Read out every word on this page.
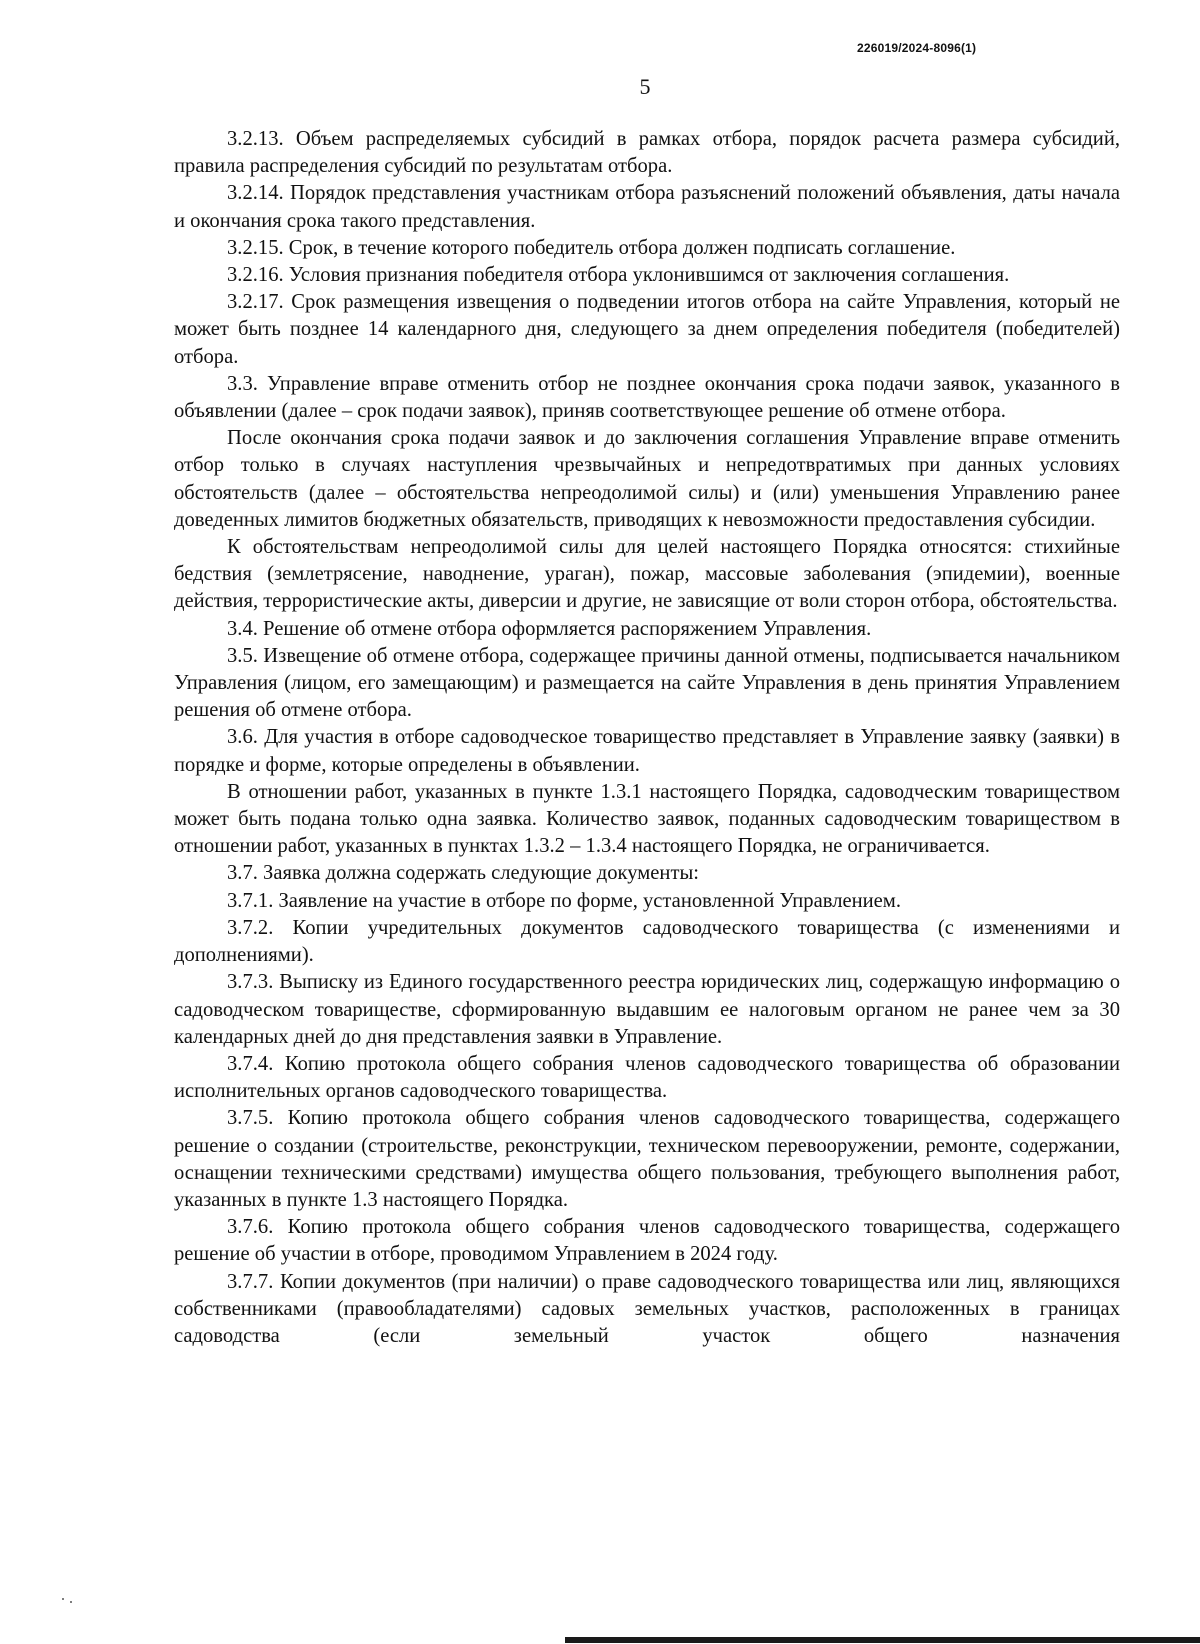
226019/2024-8096(1)
5

3.2.13. Объем распределяемых субсидий в рамках отбора, порядок расчета размера субсидий, правила распределения субсидий по результатам отбора.

3.2.14. Порядок представления участникам отбора разъяснений положений объявления, даты начала и окончания срока такого представления.

3.2.15. Срок, в течение которого победитель отбора должен подписать соглашение.

3.2.16. Условия признания победителя отбора уклонившимся от заключения соглашения.

3.2.17. Срок размещения извещения о подведении итогов отбора на сайте Управления, который не может быть позднее 14 календарного дня, следующего за днем определения победителя (победителей) отбора.

3.3. Управление вправе отменить отбор не позднее окончания срока подачи заявок, указанного в объявлении (далее – срок подачи заявок), приняв соответствующее решение об отмене отбора.

После окончания срока подачи заявок и до заключения соглашения Управление вправе отменить отбор только в случаях наступления чрезвычайных и непредотвратимых при данных условиях обстоятельств (далее – обстоятельства непреодолимой силы) и (или) уменьшения Управлению ранее доведенных лимитов бюджетных обязательств, приводящих к невозможности предоставления субсидии.

К обстоятельствам непреодолимой силы для целей настоящего Порядка относятся: стихийные бедствия (землетрясение, наводнение, ураган), пожар, массовые заболевания (эпидемии), военные действия, террористические акты, диверсии и другие, не зависящие от воли сторон отбора, обстоятельства.

3.4. Решение об отмене отбора оформляется распоряжением Управления.

3.5. Извещение об отмене отбора, содержащее причины данной отмены, подписывается начальником Управления (лицом, его замещающим) и размещается на сайте Управления в день принятия Управлением решения об отмене отбора.

3.6. Для участия в отборе садоводческое товарищество представляет в Управление заявку (заявки) в порядке и форме, которые определены в объявлении.

В отношении работ, указанных в пункте 1.3.1 настоящего Порядка, садоводческим товариществом может быть подана только одна заявка. Количество заявок, поданных садоводческим товариществом в отношении работ, указанных в пунктах 1.3.2 – 1.3.4 настоящего Порядка, не ограничивается.

3.7. Заявка должна содержать следующие документы:

3.7.1. Заявление на участие в отборе по форме, установленной Управлением.

3.7.2. Копии учредительных документов садоводческого товарищества (с изменениями и дополнениями).

3.7.3. Выписку из Единого государственного реестра юридических лиц, содержащую информацию о садоводческом товариществе, сформированную выдавшим ее налоговым органом не ранее чем за 30 календарных дней до дня представления заявки в Управление.

3.7.4. Копию протокола общего собрания членов садоводческого товарищества об образовании исполнительных органов садоводческого товарищества.

3.7.5. Копию протокола общего собрания членов садоводческого товарищества, содержащего решение о создании (строительстве, реконструкции, техническом перевооружении, ремонте, содержании, оснащении техническими средствами) имущества общего пользования, требующего выполнения работ, указанных в пункте 1.3 настоящего Порядка.

3.7.6. Копию протокола общего собрания членов садоводческого товарищества, содержащего решение об участии в отборе, проводимом Управлением в 2024 году.

3.7.7. Копии документов (при наличии) о праве садоводческого товарищества или лиц, являющихся собственниками (правообладателями) садовых земельных участков, расположенных в границах садоводства (если земельный участок общего назначения
